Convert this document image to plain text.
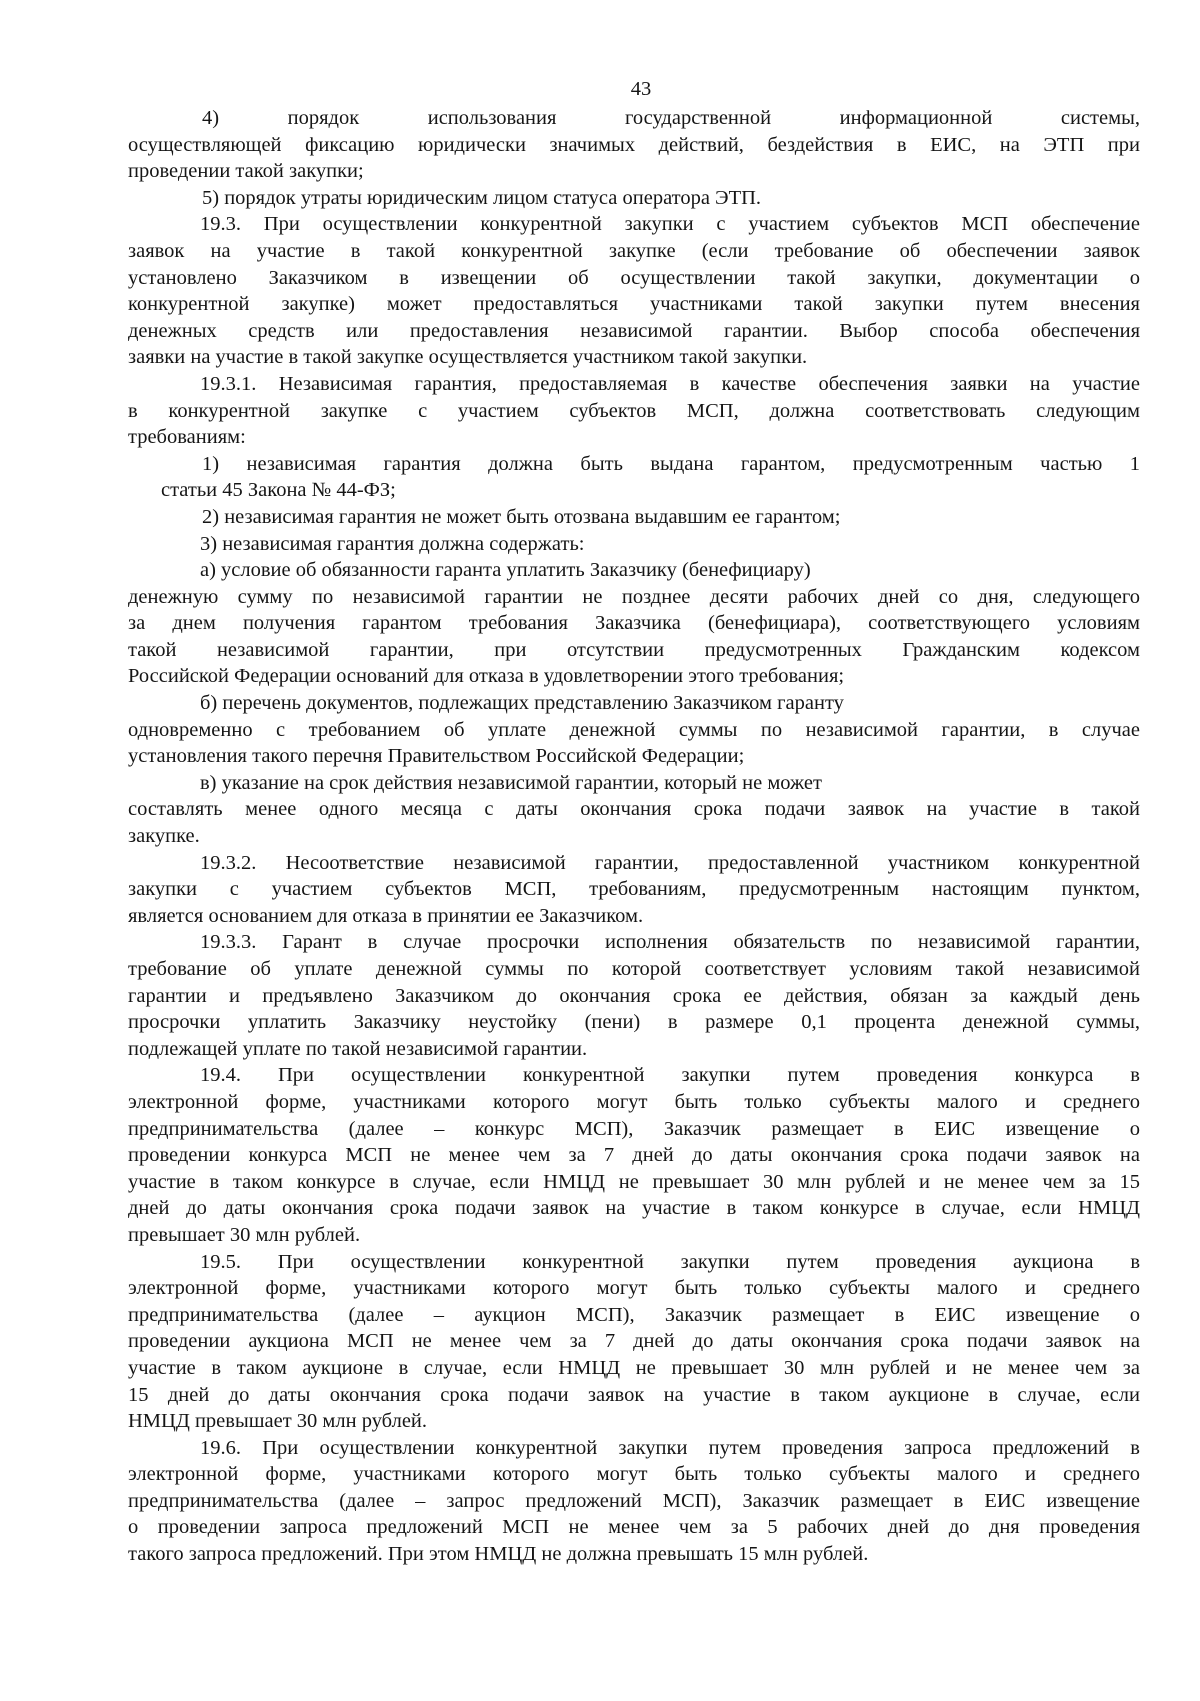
43
4) порядок использования государственной информационной системы,
осуществляющей фиксацию юридически значимых действий, бездействия в ЕИС, на ЭТП при
проведении такой закупки;
5) порядок утраты юридическим лицом статуса оператора ЭТП.
19.3. При осуществлении конкурентной закупки с участием субъектов МСП обеспечение
заявок на участие в такой конкурентной закупке (если требование об обеспечении заявок
установлено Заказчиком в извещении об осуществлении такой закупки, документации о
конкурентной закупке) может предоставляться участниками такой закупки путем внесения
денежных средств или предоставления независимой гарантии. Выбор способа обеспечения
заявки на участие в такой закупке осуществляется участником такой закупки.
19.3.1. Независимая гарантия, предоставляемая в качестве обеспечения заявки на участие
в конкурентной закупке с участием субъектов МСП, должна соответствовать следующим
требованиям:
1) независимая гарантия должна быть выдана гарантом, предусмотренным частью 1
статьи 45 Закона № 44-ФЗ;
2) независимая гарантия не может быть отозвана выдавшим ее гарантом;
3) независимая гарантия должна содержать:
а) условие об обязанности гаранта уплатить Заказчику (бенефициару)
денежную сумму по независимой гарантии не позднее десяти рабочих дней со дня, следующего
за днем получения гарантом требования Заказчика (бенефициара), соответствующего условиям
такой независимой гарантии, при отсутствии предусмотренных Гражданским кодексом
Российской Федерации оснований для отказа в удовлетворении этого требования;
б) перечень документов, подлежащих представлению Заказчиком гаранту
одновременно с требованием об уплате денежной суммы по независимой гарантии, в случае
установления такого перечня Правительством Российской Федерации;
в) указание на срок действия независимой гарантии, который не может
составлять менее одного месяца с даты окончания срока подачи заявок на участие в такой
закупке.
19.3.2. Несоответствие независимой гарантии, предоставленной участником конкурентной
закупки с участием субъектов МСП, требованиям, предусмотренным настоящим пунктом,
является основанием для отказа в принятии ее Заказчиком.
19.3.3. Гарант в случае просрочки исполнения обязательств по независимой гарантии,
требование об уплате денежной суммы по которой соответствует условиям такой независимой
гарантии и предъявлено Заказчиком до окончания срока ее действия, обязан за каждый день
просрочки уплатить Заказчику неустойку (пени) в размере 0,1 процента денежной суммы,
подлежащей уплате по такой независимой гарантии.
19.4. При осуществлении конкурентной закупки путем проведения конкурса в
электронной форме, участниками которого могут быть только субъекты малого и среднего
предпринимательства (далее – конкурс МСП), Заказчик размещает в ЕИС извещение о
проведении конкурса МСП не менее чем за 7 дней до даты окончания срока подачи заявок на
участие в таком конкурсе в случае, если НМЦД не превышает 30 млн рублей и не менее чем за 15
дней до даты окончания срока подачи заявок на участие в таком конкурсе в случае, если НМЦД
превышает 30 млн рублей.
19.5. При осуществлении конкурентной закупки путем проведения аукциона в
электронной форме, участниками которого могут быть только субъекты малого и среднего
предпринимательства (далее – аукцион МСП), Заказчик размещает в ЕИС извещение о
проведении аукциона МСП не менее чем за 7 дней до даты окончания срока подачи заявок на
участие в таком аукционе в случае, если НМЦД не превышает 30 млн рублей и не менее чем за
15 дней до даты окончания срока подачи заявок на участие в таком аукционе в случае, если
НМЦД превышает 30 млн рублей.
19.6. При осуществлении конкурентной закупки путем проведения запроса предложений в
электронной форме, участниками которого могут быть только субъекты малого и среднего
предпринимательства (далее – запрос предложений МСП), Заказчик размещает в ЕИС извещение
о проведении запроса предложений МСП не менее чем за 5 рабочих дней до дня проведения
такого запроса предложений. При этом НМЦД не должна превышать 15 млн рублей.
